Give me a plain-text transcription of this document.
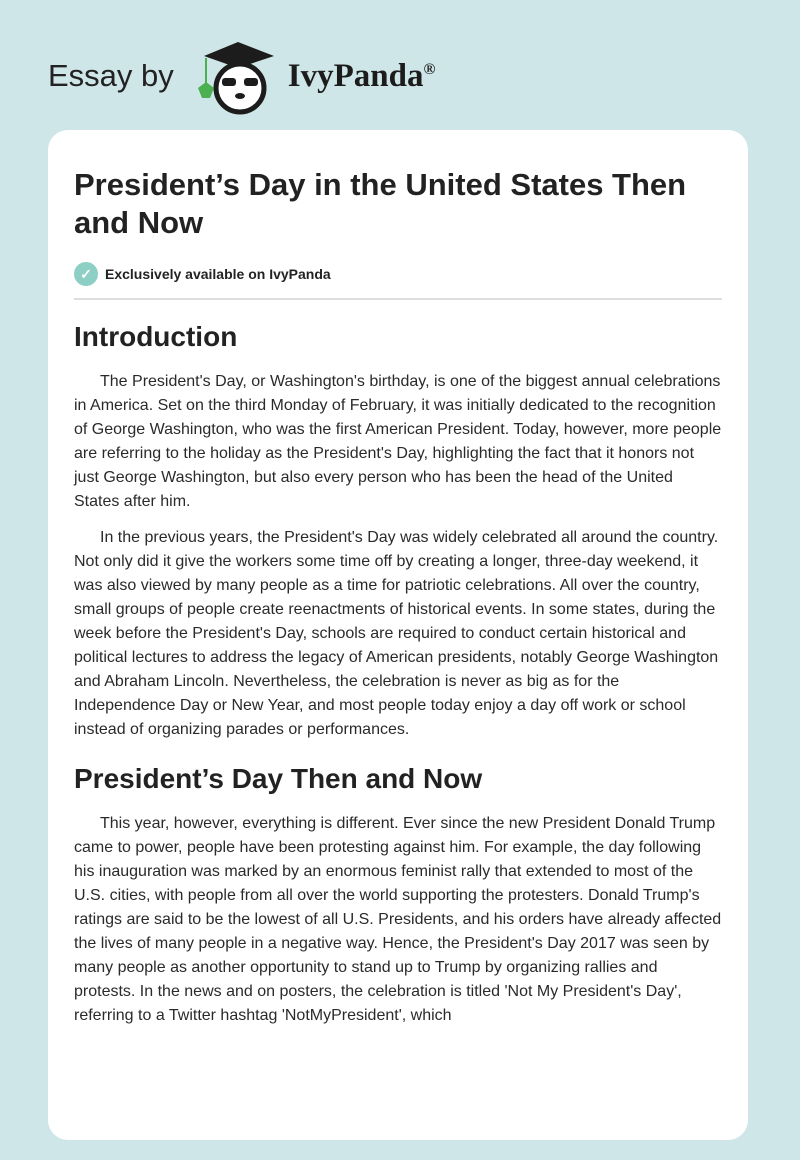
Essay by	IvyPanda®
President’s Day in the United States Then and Now
✓ Exclusively available on IvyPanda
Introduction

The President's Day, or Washington's birthday, is one of the biggest annual celebrations in America. Set on the third Monday of February, it was initially dedicated to the recognition of George Washington, who was the first American President. Today, however, more people are referring to the holiday as the President's Day, highlighting the fact that it honors not just George Washington, but also every person who has been the head of the United States after him.

In the previous years, the President's Day was widely celebrated all around the country. Not only did it give the workers some time off by creating a longer, three-day weekend, it was also viewed by many people as a time for patriotic celebrations. All over the country, small groups of people create reenactments of historical events. In some states, during the week before the President's Day, schools are required to conduct certain historical and political lectures to address the legacy of American presidents, notably George Washington and Abraham Lincoln. Nevertheless, the celebration is never as big as for the Independence Day or New Year, and most people today enjoy a day off work or school instead of organizing parades or performances.

President’s Day Then and Now

This year, however, everything is different. Ever since the new President Donald Trump came to power, people have been protesting against him. For example, the day following his inauguration was marked by an enormous feminist rally that extended to most of the U.S. cities, with people from all over the world supporting the protesters. Donald Trump's ratings are said to be the lowest of all U.S. Presidents, and his orders have already affected the lives of many people in a negative way. Hence, the President's Day 2017 was seen by many people as another opportunity to stand up to Trump by organizing rallies and protests. In the news and on posters, the celebration is titled 'Not My President's Day', referring to a Twitter hashtag 'NotMyPresident', which
